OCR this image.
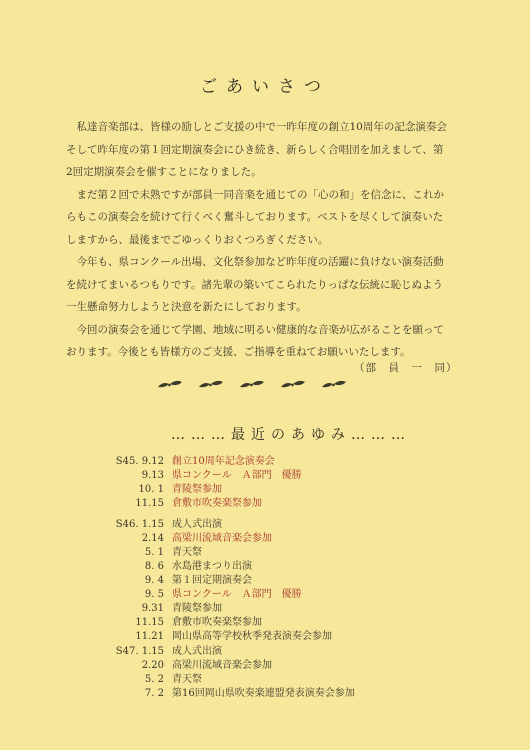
ごあいさつ

私達音楽部は、皆様の励しとご支援の中で一昨年度の創立10周年の記念演奏会
そして昨年度の第１回定期演奏会にひき続き、新らしく合唱団を加えまして、第
2回定期演奏会を催すことになりました。

まだ第２回で未熟ですが部員一同音楽を通じての「心の和」を信念に、これか
らもこの演奏会を続けて行くべく奮斗しております。ベストを尽くして演奏いた
しますから、最後までごゆっくりおくつろぎください。

今年も、県コンクール出場、文化祭参加など昨年度の活躍に負けない演奏活動
を続けてまいるつもりです。諸先輩の築いてこられたりっぱな伝統に恥じぬよう
一生懸命努力しようと決意を新たにしております。

今回の演奏会を通じて学園、地域に明るい健康的な音楽が広がることを願って
おります。今後とも皆様方のご支援、ご指導を重ねてお願いいたします。

（部　員　一　同）
………最近のあゆみ………
S45. 9.12 創立10周年記念演奏会
9.13 県コンクール　Ａ部門　優勝
10. 1 青陵祭参加
11.15 倉敷市吹奏楽祭参加
S46. 1.15 成人式出演
2.14 高梁川流域音楽会参加
5. 1 青天祭
8. 6 水島港まつり出演
9. 4 第１回定期演奏会
9. 5 県コンクール　Ａ部門　優勝
9.31 青陵祭参加
11.15 倉敷市吹奏楽祭参加
11.21 岡山県高等学校秋季発表演奏会参加
S47. 1.15 成人式出演
2.20 高梁川流域音楽会参加
5. 2 青天祭
7. 2 第16回岡山県吹奏楽連盟発表演奏会参加
